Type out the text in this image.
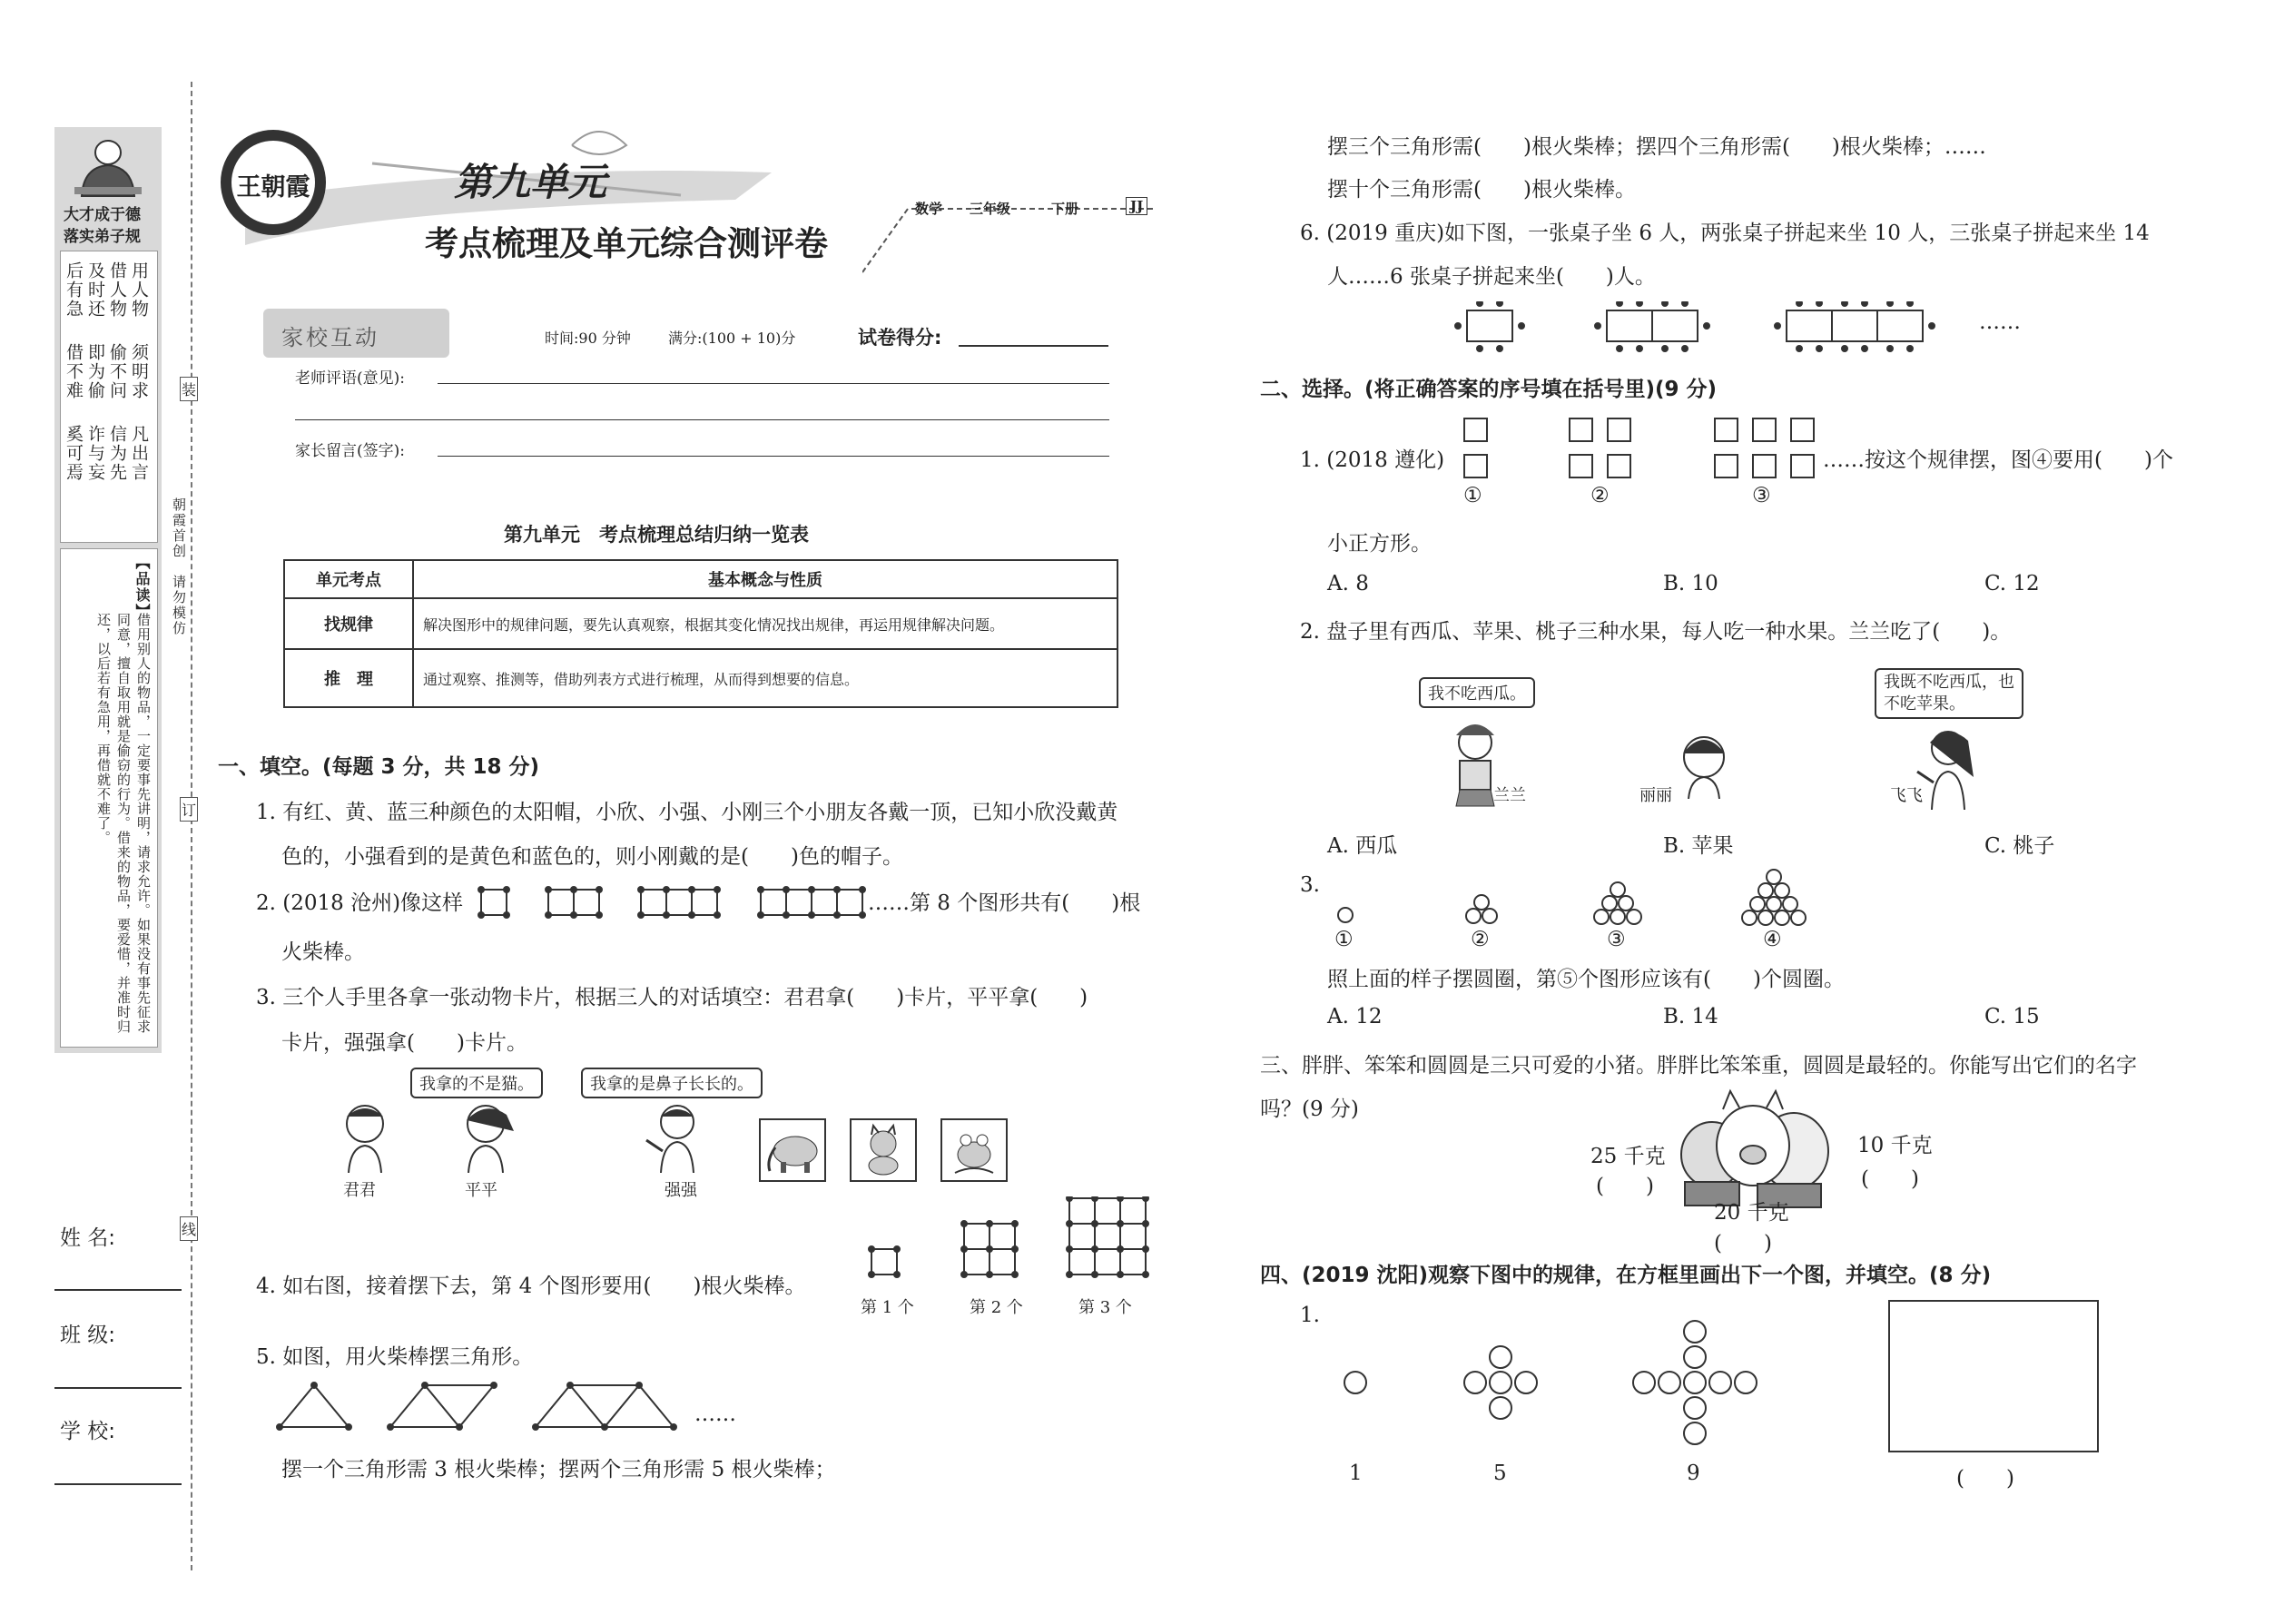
大才成于德
落实弟子规
用人物
借人物
及时还
后有急
须明求
偷不问
即为偷
借不难
凡出言
信为先
诈与妄
奚可焉
【品读】
借用别人的物品，一定要事先讲明，请求允许。如果没有事先征求同意，擅自取用就是偷窃的行为。借来的物品，要爱惜，并准时归还，以后若有急用，再借就不难了。
装
订
线
朝霞首创　请勿模仿
姓 名:
班 级:
学 校:
王朝霞	第九单元
考点梳理及单元综合测评卷
数学 三年级	下册	JJ
家校互动	时间:90 分钟	满分:(100 + 10)分	试卷得分:
老师评语(意见):
家长留言(签字):
第九单元　考点梳理总结归纳一览表
单元考点	基本概念与性质
找规律	解决图形中的规律问题，要先认真观察，根据其变化情况找出规律，再运用规律解决问题。
推　理	通过观察、推测等，借助列表方式进行梳理，从而得到想要的信息。
一、填空。(每题 3 分，共 18 分)
1. 有红、黄、蓝三种颜色的太阳帽，小欣、小强、小刚三个小朋友各戴一顶，已知小欣没戴黄
色的，小强看到的是黄色和蓝色的，则小刚戴的是(　　)色的帽子。
2. (2018 沧州)像这样	……第 8 个图形共有(　　)根
火柴棒。
3. 三个人手里各拿一张动物卡片，根据三人的对话填空：君君拿(　　)卡片，平平拿(　　)
卡片，强强拿(　　)卡片。
我拿的不是猫。	我拿的是鼻子长长的。
君君	平平	强强
4. 如右图，接着摆下去，第 4 个图形要用(　　)根火柴棒。
第 1 个	第 2 个	第 3 个
5. 如图，用火柴棒摆三角形。
……
摆一个三角形需 3 根火柴棒；摆两个三角形需 5 根火柴棒；
摆三个三角形需(　　)根火柴棒；摆四个三角形需(　　)根火柴棒；……
摆十个三角形需(　　)根火柴棒。
6. (2019 重庆)如下图，一张桌子坐 6 人，两张桌子拼起来坐 10 人，三张桌子拼起来坐 14
人……6 张桌子拼起来坐(　　)人。
……
二、选择。(将正确答案的序号填在括号里)(9 分)
1. (2018 遵化)
①	②	③
……按这个规律摆，图④要用(　　)个
小正方形。
A. 8	B. 10	C. 12
2. 盘子里有西瓜、苹果、桃子三种水果，每人吃一种水果。兰兰吃了(　　)。
我不吃西瓜。
我既不吃西瓜，也
不吃苹果。
兰兰	丽丽	飞飞
A. 西瓜	B. 苹果	C. 桃子
3.
①	②	③	④
照上面的样子摆圆圈，第⑤个图形应该有(　　)个圆圈。
A. 12	B. 14	C. 15
三、胖胖、笨笨和圆圆是三只可爱的小猪。胖胖比笨笨重，圆圆是最轻的。你能写出它们的名字
吗？(9 分)
25 千克
(　　)
10 千克
(　　)
20 千克
(　　)
四、(2019 沈阳)观察下图中的规律，在方框里画出下一个图，并填空。(8 分)
1.
1	5	9	(　　)
